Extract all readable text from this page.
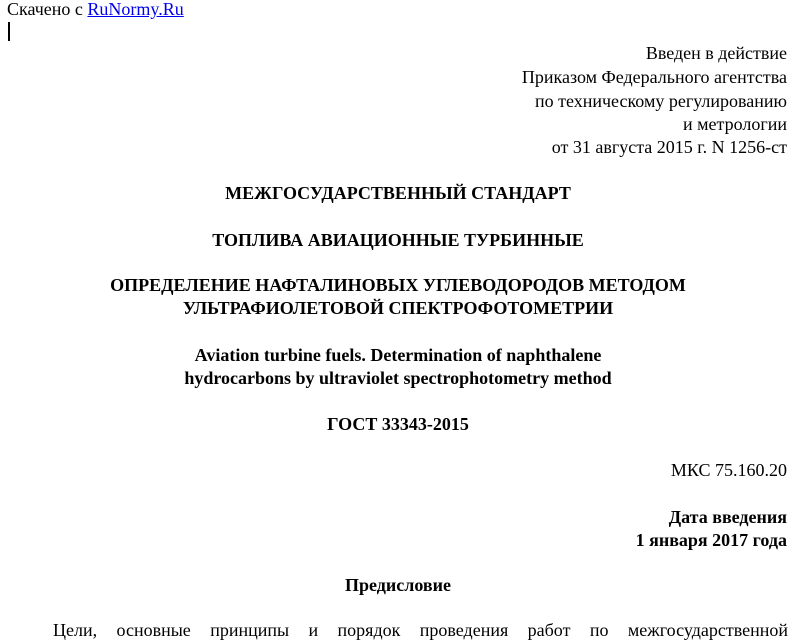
Скачено с RuNormy.Ru
Введен в действие
Приказом Федерального агентства
по техническому регулированию
и метрологии
от 31 августа 2015 г. N 1256-ст
МЕЖГОСУДАРСТВЕННЫЙ СТАНДАРТ
ТОПЛИВА АВИАЦИОННЫЕ ТУРБИННЫЕ
ОПРЕДЕЛЕНИЕ НАФТАЛИНОВЫХ УГЛЕВОДОРОДОВ МЕТОДОМ
УЛЬТРАФИОЛЕТОВОЙ СПЕКТРОФОТОМЕТРИИ
Aviation turbine fuels. Determination of naphthalene
hydrocarbons by ultraviolet spectrophotometry method
ГОСТ 33343-2015
МКС 75.160.20
Дата введения
1 января 2017 года
Предисловие
Цели, основные принципы и порядок проведения работ по межгосударственной
